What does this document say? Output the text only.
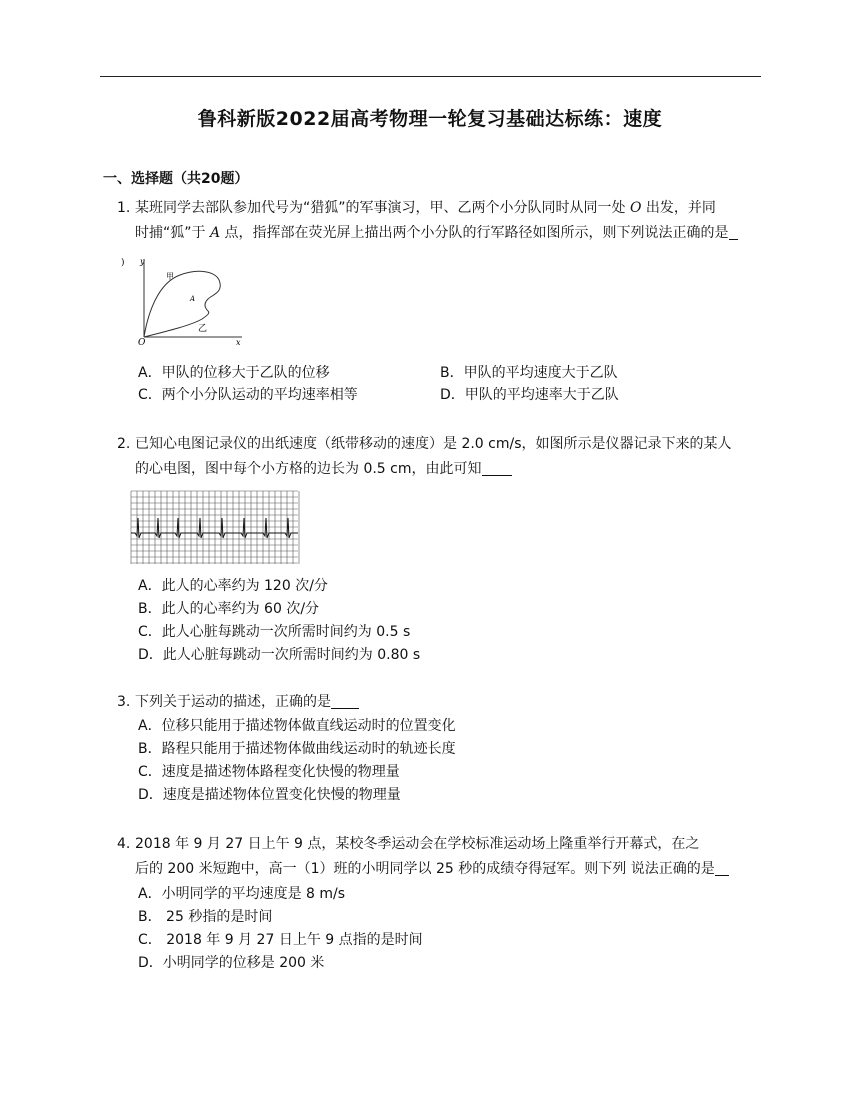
鲁科新版2022届高考物理一轮复习基础达标练：速度
一、选择题（共20题）
1. 某班同学去部队参加代号为“猎狐”的军事演习，甲、乙两个小分队同时从同一处 O 出发，并同
时捕“狐”于 A 点，指挥部在荧光屏上描出两个小分队的行军路径如图所示，则下列说法正确的是
)
O
y
x
甲
A
乙
A．甲队的位移大于乙队的位移	B．甲队的平均速度大于乙队
C．两个小分队运动的平均速率相等	D．甲队的平均速率大于乙队
2. 已知心电图记录仪的出纸速度（纸带移动的速度）是 2.0 cm/s，如图所示是仪器记录下来的某人
的心电图，图中每个小方格的边长为 0.5 cm，由此可知
A．此人的心率约为 120 次/分
B．此人的心率约为 60 次/分
C．此人心脏每跳动一次所需时间约为 0.5 s
D．此人心脏每跳动一次所需时间约为 0.80 s
3. 下列关于运动的描述，正确的是
A．位移只能用于描述物体做直线运动时的位置变化
B．路程只能用于描述物体做曲线运动时的轨迹长度
C．速度是描述物体路程变化快慢的物理量
D．速度是描述物体位置变化快慢的物理量
4. 2018 年 9 月 27 日上午 9 点，某校冬季运动会在学校标准运动场上隆重举行开幕式，在之
后的 200 米短跑中，高一（1）班的小明同学以 25 秒的成绩夺得冠军。则下列 说法正确的是
A．小明同学的平均速度是 8 m/s
B． 25 秒指的是时间
C． 2018 年 9 月 27 日上午 9 点指的是时间
D．小明同学的位移是 200 米
